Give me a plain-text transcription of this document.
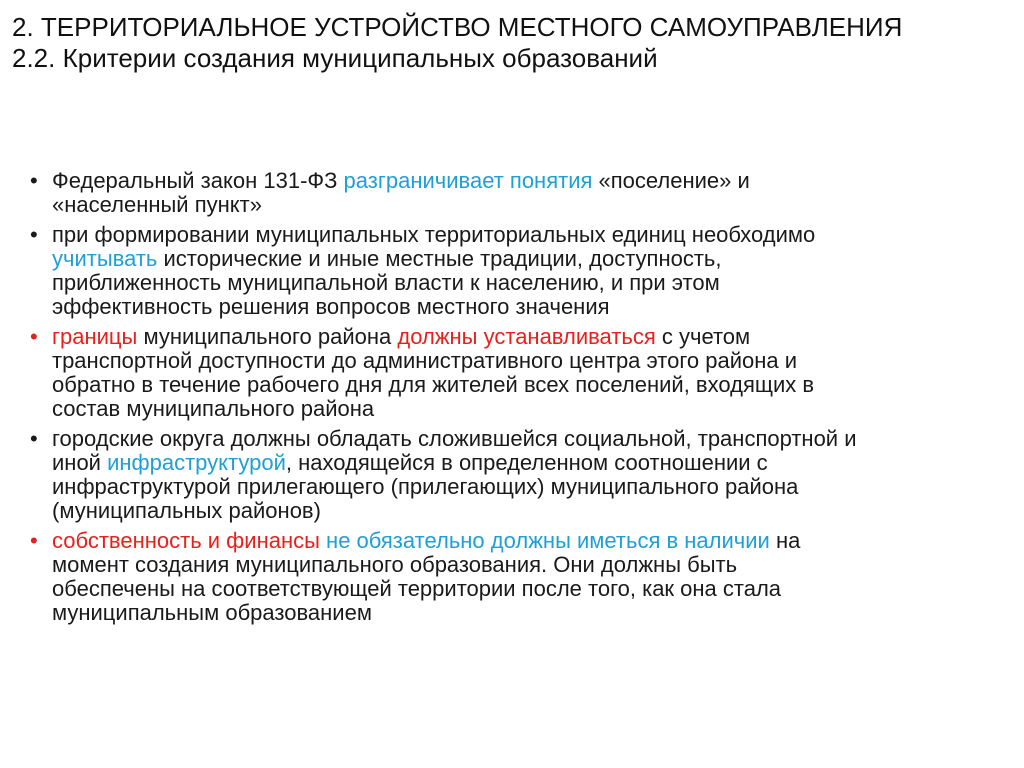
2. ТЕРРИТОРИАЛЬНОЕ УСТРОЙСТВО МЕСТНОГО САМОУПРАВЛЕНИЯ
2.2. Критерии создания муниципальных образований
• Федеральный закон 131-ФЗ разграничивает понятия «поселение» и
«населенный пункт»
• при формировании муниципальных территориальных единиц необходимо
учитывать исторические и иные местные традиции, доступность,
приближенность муниципальной власти к населению, и при этом
эффективность решения вопросов местного значения
• границы муниципального района должны устанавливаться с учетом
транспортной доступности до административного центра этого района и
обратно в течение рабочего дня для жителей всех поселений, входящих в
состав муниципального района
• городские округа должны обладать сложившейся социальной, транспортной и
иной инфраструктурой, находящейся в определенном соотношении с
инфраструктурой прилегающего (прилегающих) муниципального района
(муниципальных районов)
• собственность и финансы не обязательно должны иметься в наличии на
момент создания муниципального образования. Они должны быть
обеспечены на соответствующей территории после того, как она стала
муниципальным образованием
